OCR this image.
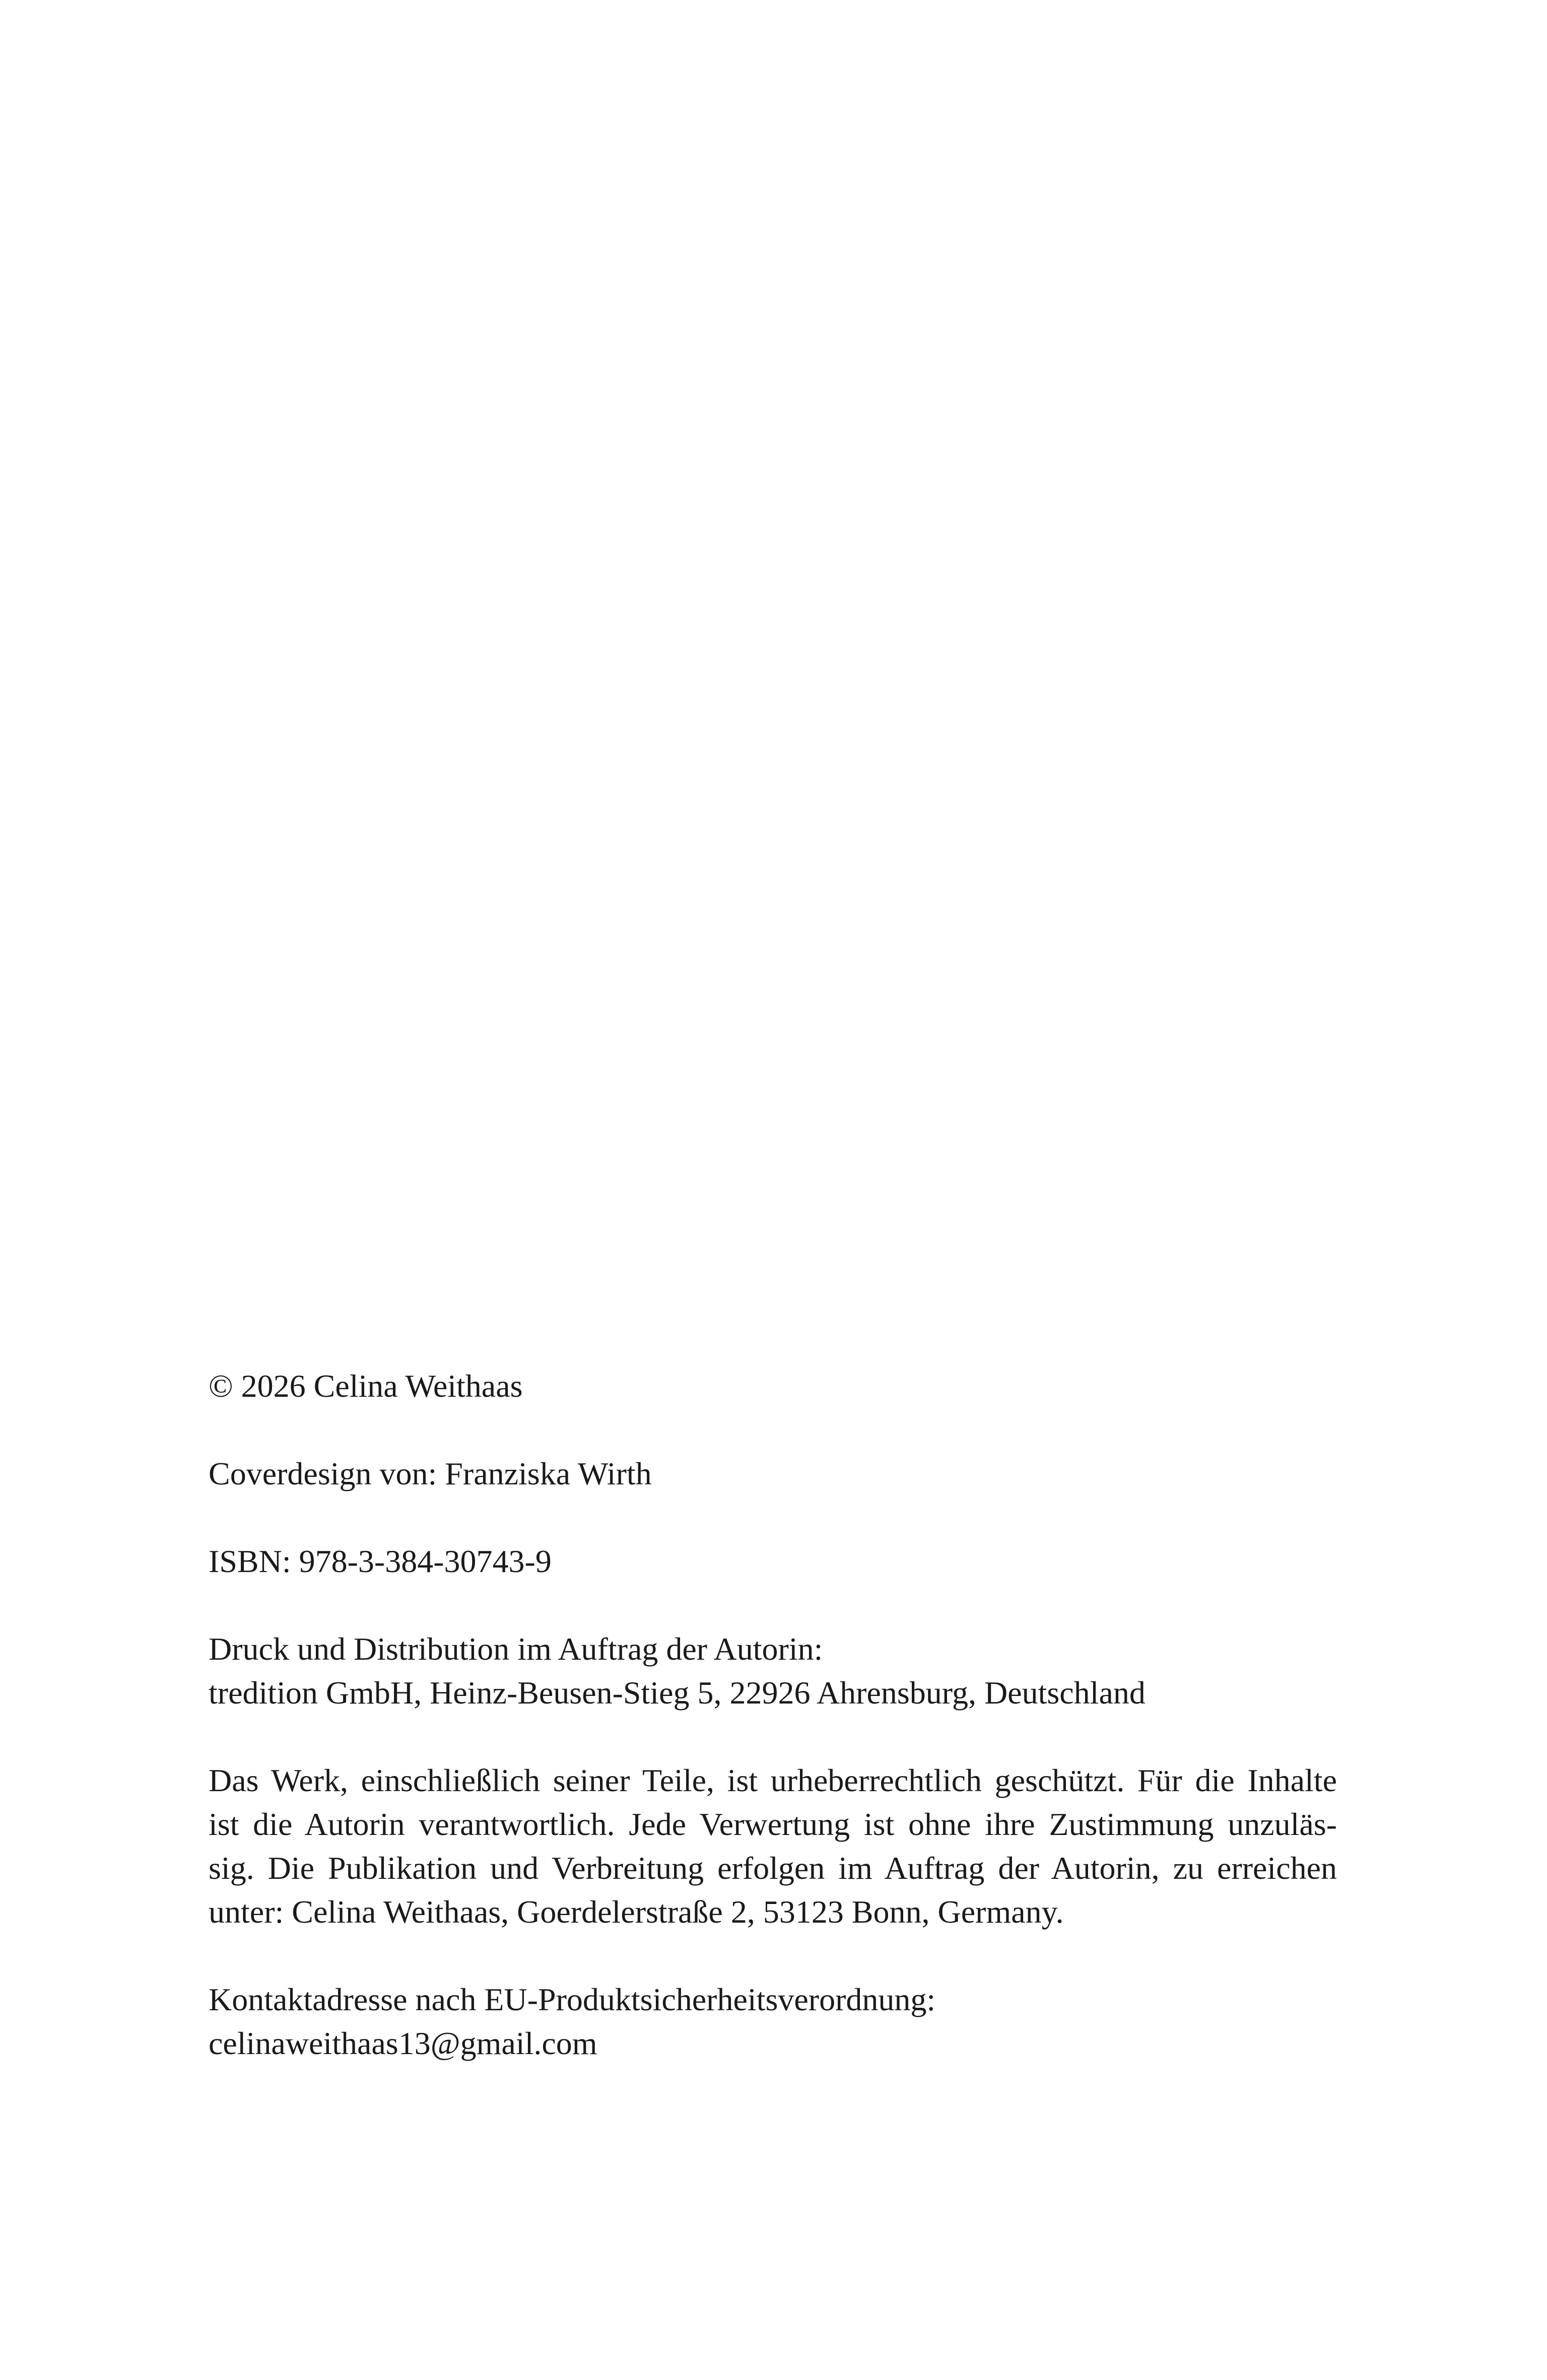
© 2026 Celina Weithaas
Coverdesign von: Franziska Wirth
ISBN: 978-3-384-30743-9
Druck und Distribution im Auftrag der Autorin:
tredition GmbH, Heinz-Beusen-Stieg 5, 22926 Ahrensburg, Deutschland
Das Werk, einschließlich seiner Teile, ist urheberrechtlich geschützt. Für die Inhalte
ist die Autorin verantwortlich. Jede Verwertung ist ohne ihre Zustimmung unzuläs-
sig. Die Publikation und Verbreitung erfolgen im Auftrag der Autorin, zu erreichen
unter: Celina Weithaas, Goerdelerstraße 2, 53123 Bonn, Germany.
Kontaktadresse nach EU-Produktsicherheitsverordnung:
celinaweithaas13@gmail.com
